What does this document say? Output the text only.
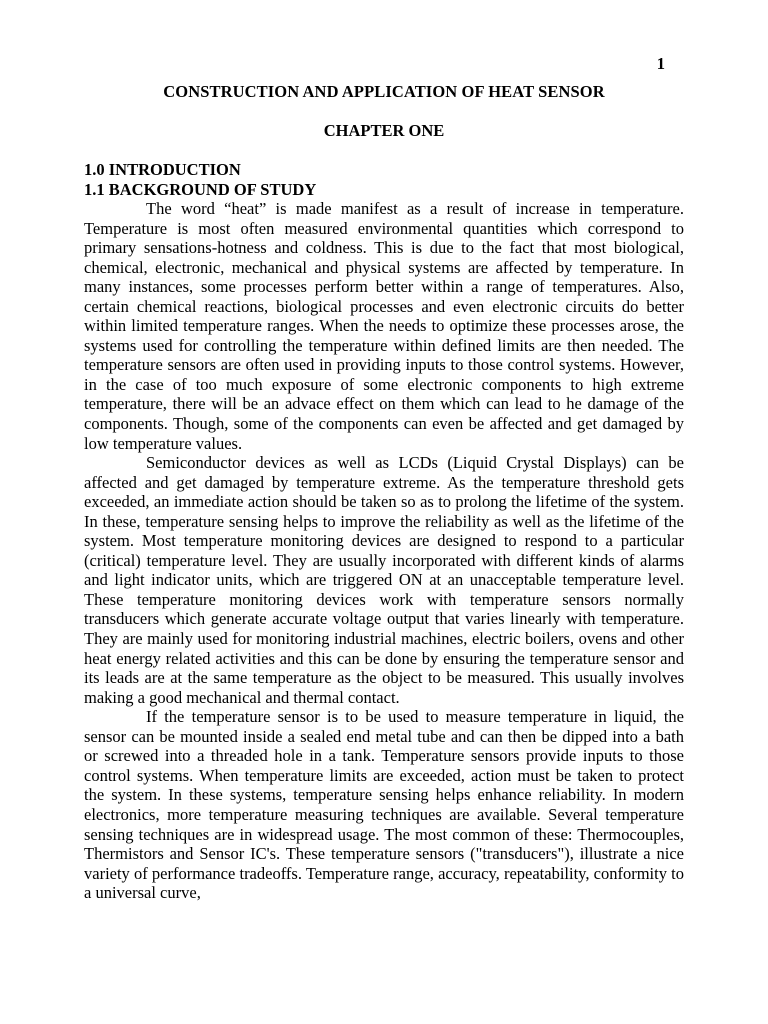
1
CONSTRUCTION AND APPLICATION OF HEAT SENSOR
CHAPTER ONE
1.0 INTRODUCTION
1.1 BACKGROUND OF STUDY

The word “heat” is made manifest as a result of increase in temperature. Temperature is most often measured environmental quantities which correspond to primary sensations-hotness and coldness. This is due to the fact that most biological, chemical, electronic, mechanical and physical systems are affected by temperature. In many instances, some processes perform better within a range of temperatures. Also, certain chemical reactions, biological processes and even electronic circuits do better within limited temperature ranges. When the needs to optimize these processes arose, the systems used for controlling the temperature within defined limits are then needed. The temperature sensors are often used in providing inputs to those control systems. However, in the case of too much exposure of some electronic components to high extreme temperature, there will be an advace effect on them which can lead to he damage of the components. Though, some of the components can even be affected and get damaged by low temperature values.

Semiconductor devices as well as LCDs (Liquid Crystal Displays) can be affected and get damaged by temperature extreme. As the temperature threshold gets exceeded, an immediate action should be taken so as to prolong the lifetime of the system. In these, temperature sensing helps to improve the reliability as well as the lifetime of the system. Most temperature monitoring devices are designed to respond to a particular (critical) temperature level. They are usually incorporated with different kinds of alarms and light indicator units, which are triggered ON at an unacceptable temperature level. These temperature monitoring devices work with temperature sensors normally transducers which generate accurate voltage output that varies linearly with temperature. They are mainly used for monitoring industrial machines, electric boilers, ovens and other heat energy related activities and this can be done by ensuring the temperature sensor and its leads are at the same temperature as the object to be measured. This usually involves making a good mechanical and thermal contact.

If the temperature sensor is to be used to measure temperature in liquid, the sensor can be mounted inside a sealed end metal tube and can then be dipped into a bath or screwed into a threaded hole in a tank. Temperature sensors provide inputs to those control systems. When temperature limits are exceeded, action must be taken to protect the system. In these systems, temperature sensing helps enhance reliability. In modern electronics, more temperature measuring techniques are available. Several temperature sensing techniques are in widespread usage. The most common of these: Thermocouples, Thermistors and Sensor IC's. These temperature sensors ("transducers"), illustrate a nice variety of performance tradeoffs. Temperature range, accuracy, repeatability, conformity to a universal curve,
